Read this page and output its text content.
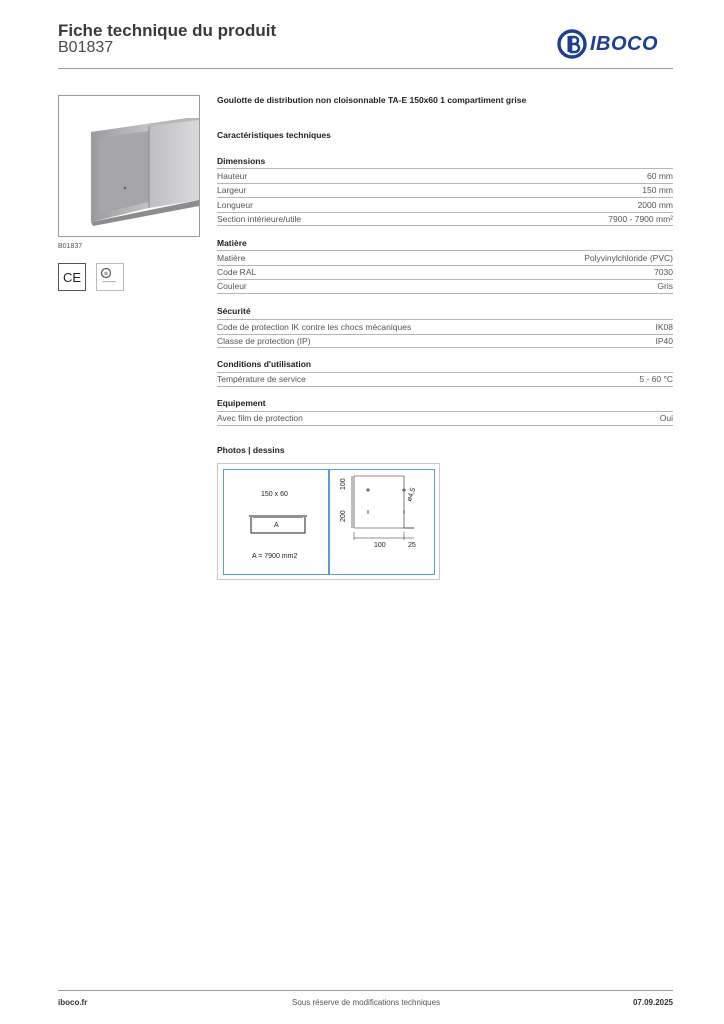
Fiche technique du produit
B01837	IBOCO
B01837
CE	⊕
Goulotte de distribution non cloisonnable TA-E 150x60 1 compartiment grise
Caractéristiques techniques
Dimensions
Hauteur	60 mm
Largeur	150 mm
Longueur	2000 mm
Section intérieure/utile	7900 - 7900 mm²
Matière
Matière	Polyvinylchloride (PVC)
Code RAL	7030
Couleur	Gris
Sécurité
Code de protection IK contre les chocs mécaniques	IK08
Classe de protection (IP)	IP40
Conditions d'utilisation
Température de service	5 - 60 °C
Equipement
Avec film de protection	Oui
Photos | dessins
150 x 60
A
A = 7900 mm2
100
200
ø4,5
100	25
iboco.fr	Sous réserve de modifications techniques	07.09.2025
